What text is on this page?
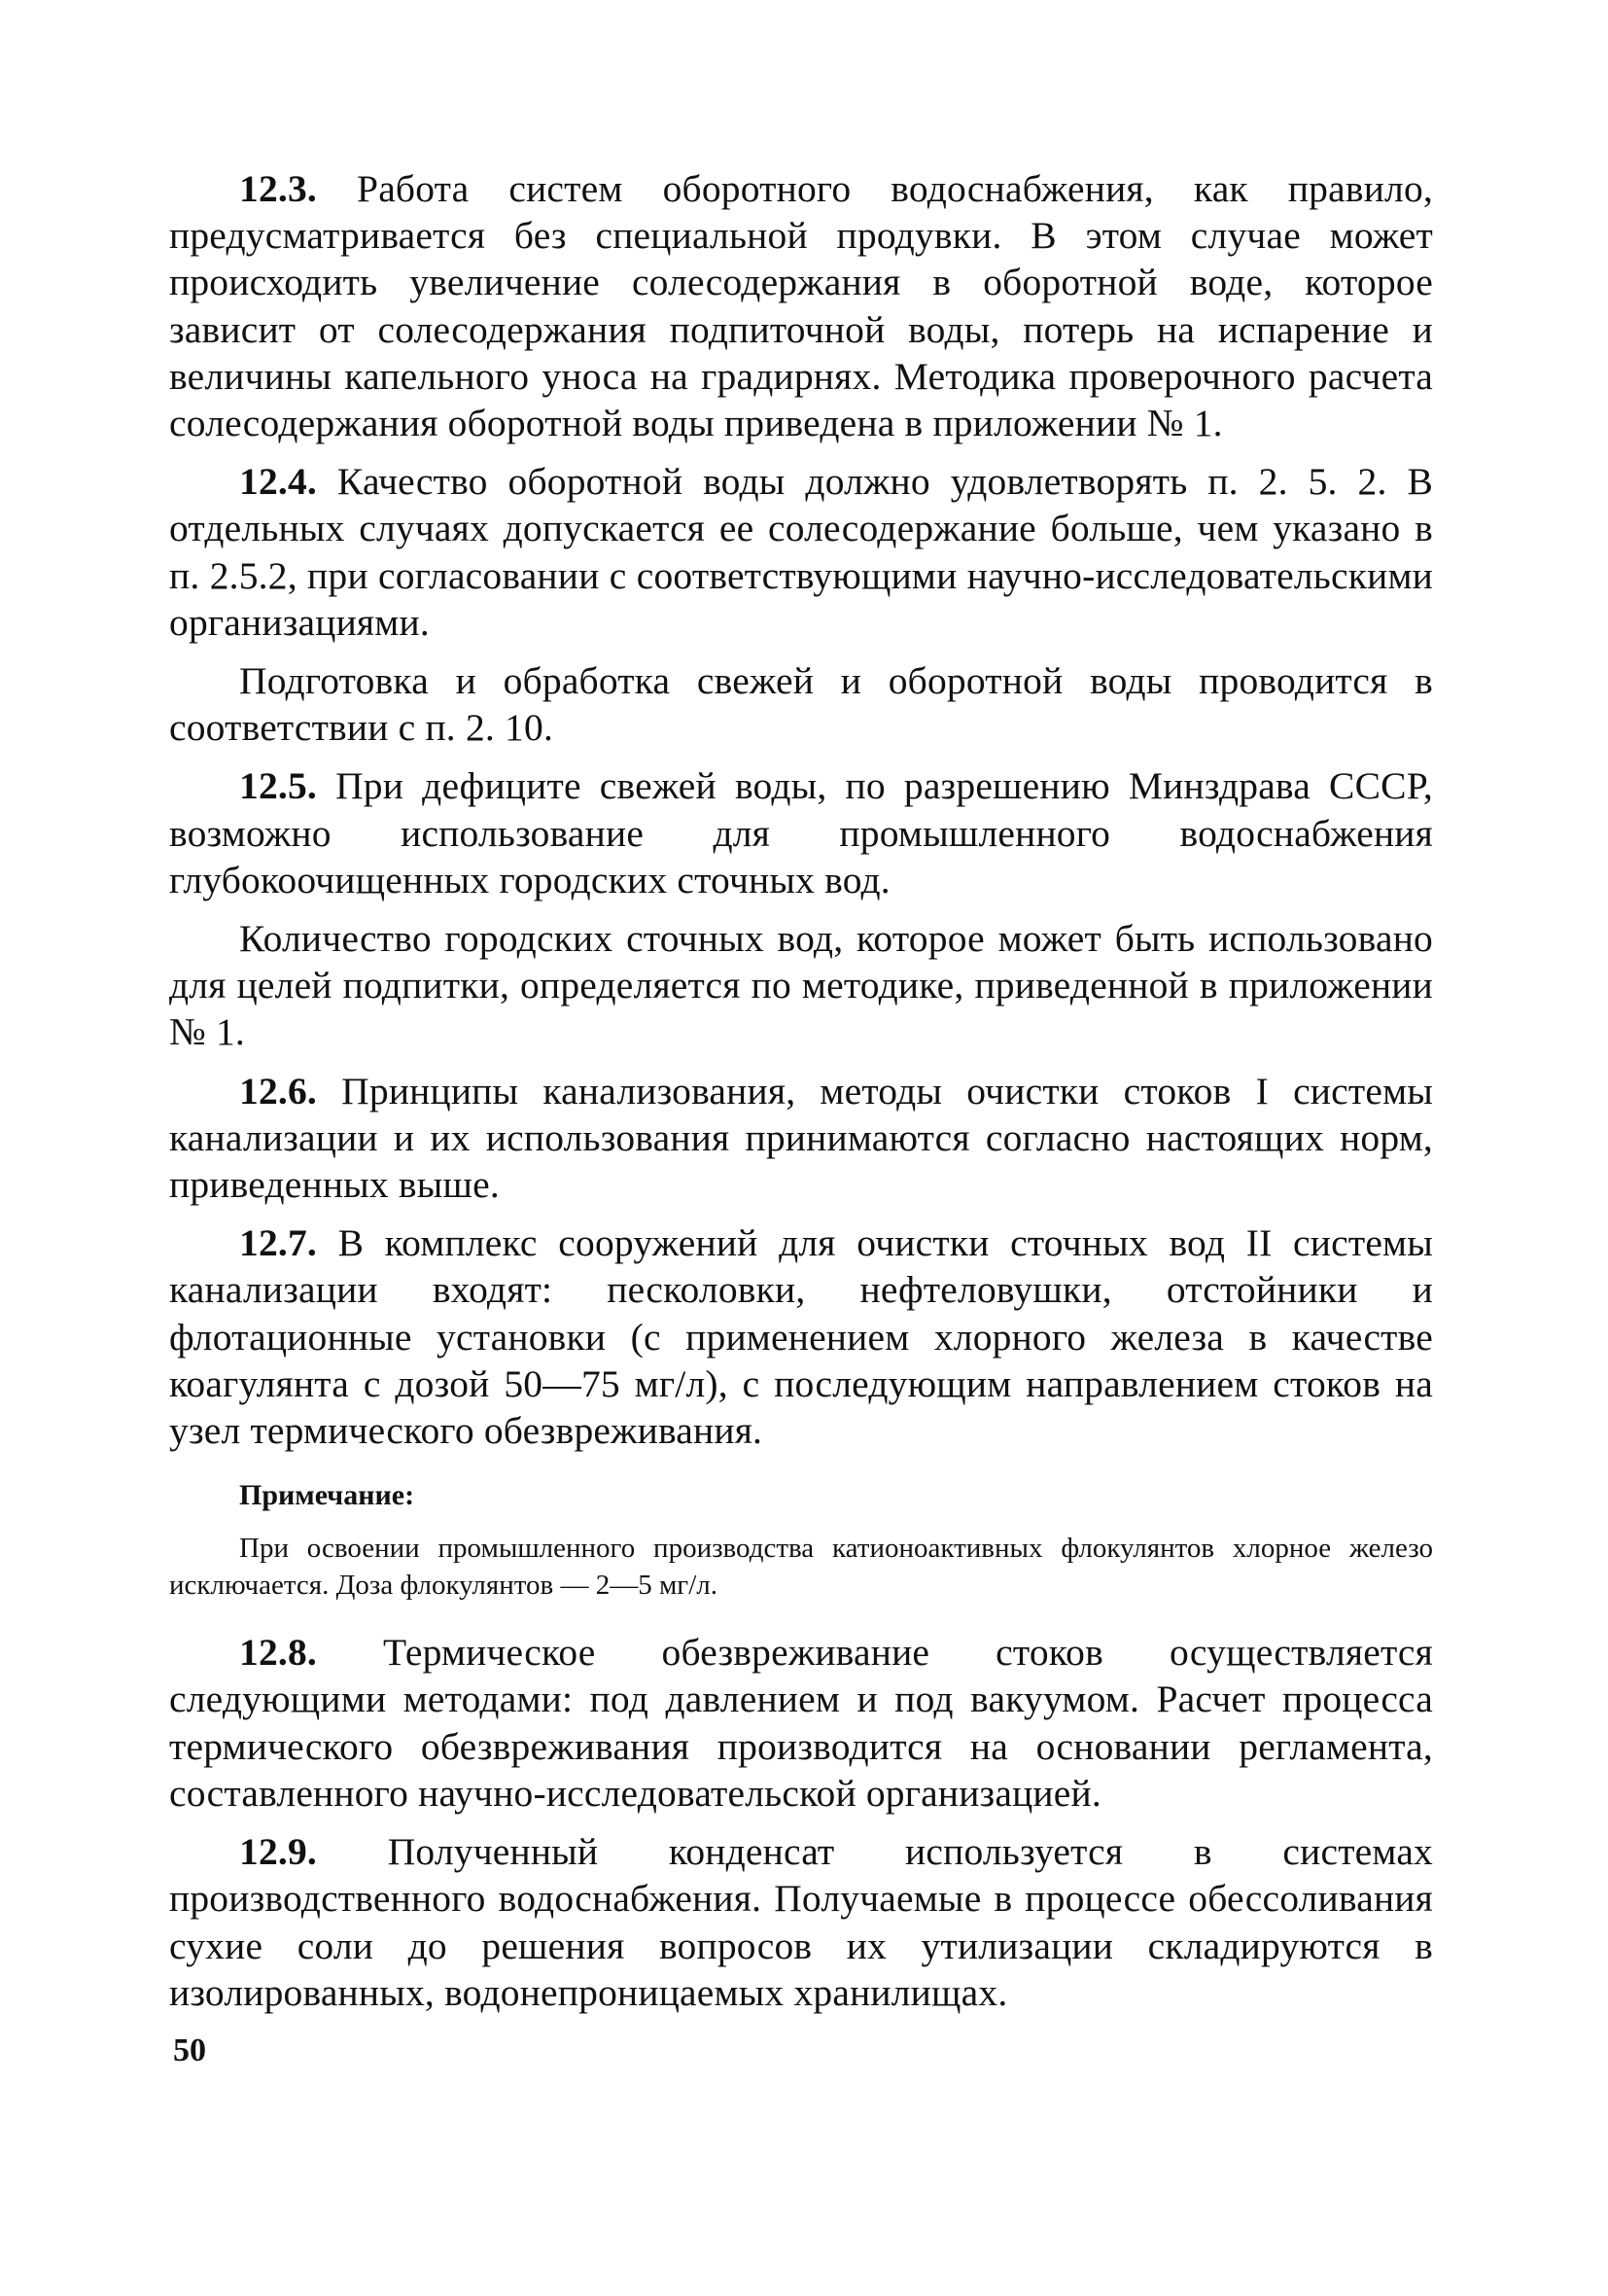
12.3. Работа систем оборотного водоснабжения, как правило, предусматривается без специальной продувки. В этом случае может происходить увеличение солесодержания в оборотной воде, которое зависит от солесодержания подпиточной воды, потерь на испарение и величины капельного уноса на градирнях. Методика проверочного расчета солесодержания оборотной воды приведена в приложении № 1.

12.4. Качество оборотной воды должно удовлетворять п. 2. 5. 2. В отдельных случаях допускается ее солесодержание больше, чем указано в п. 2.5.2, при согласовании с соответствующими научно-исследовательскими организациями.

Подготовка и обработка свежей и оборотной воды проводится в соответствии с п. 2. 10.

12.5. При дефиците свежей воды, по разрешению Минздрава СССР, возможно использование для промышленного водоснабжения глубокоочищенных городских сточных вод.

Количество городских сточных вод, которое может быть использовано для целей подпитки, определяется по методике, приведенной в приложении № 1.

12.6. Принципы канализования, методы очистки стоков I системы канализации и их использования принимаются согласно настоящих норм, приведенных выше.

12.7. В комплекс сооружений для очистки сточных вод II системы канализации входят: песколовки, нефтеловушки, отстойники и флотационные установки (с применением хлорного железа в качестве коагулянта с дозой 50—75 мг/л), с последующим направлением стоков на узел термического обезвреживания.

Примечание:

При освоении промышленного производства катионоактивных флокулянтов хлорное железо исключается. Доза флокулянтов — 2—5 мг/л.

12.8. Термическое обезвреживание стоков осуществляется следующими методами: под давлением и под вакуумом. Расчет процесса термического обезвреживания производится на основании регламента, составленного научно-исследовательской организацией.

12.9. Полученный конденсат используется в системах производственного водоснабжения. Получаемые в процессе обессоливания сухие соли до решения вопросов их утилизации складируются в изолированных, водонепроницаемых хранилищах.

50
